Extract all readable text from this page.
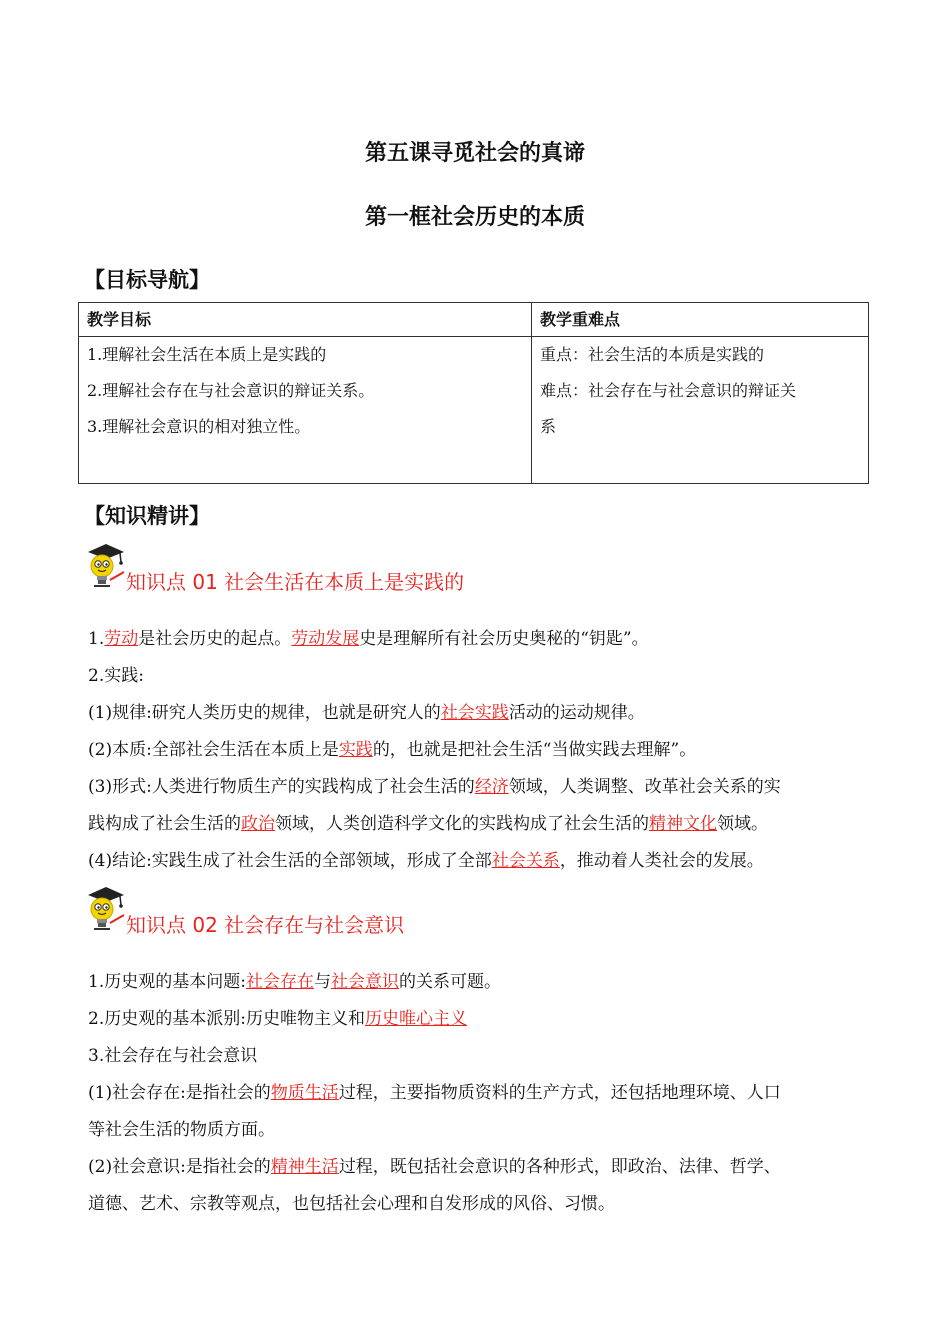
第五课寻觅社会的真谛
第一框社会历史的本质
【目标导航】
教学目标	教学重难点

1.理解社会生活在本质上是实践的
2.理解社会存在与社会意识的辩证关系。
3.理解社会意识的相对独立性。	重点：社会生活的本质是实践的
难点：社会存在与社会意识的辩证关
系
【知识精讲】
知识点 01 社会生活在本质上是实践的
1.劳动是社会历史的起点。劳动发展史是理解所有社会历史奥秘的“钥匙”。
2.实践:
(1)规律:研究人类历史的规律，也就是研究人的社会实践活动的运动规律。
(2)本质:全部社会生活在本质上是实践的，也就是把社会生活“当做实践去理解”。
(3)形式:人类进行物质生产的实践构成了社会生活的经济领域，人类调整、改革社会关系的实
践构成了社会生活的政治领域，人类创造科学文化的实践构成了社会生活的精神文化领域。
(4)结论:实践生成了社会生活的全部领域，形成了全部社会关系，推动着人类社会的发展。
知识点 02 社会存在与社会意识
1.历史观的基本问题:社会存在与社会意识的关系可题。
2.历史观的基本派别:历史唯物主义和历史唯心主义
3.社会存在与社会意识
(1)社会存在:是指社会的物质生活过程，主要指物质资料的生产方式，还包括地理环境、人口
等社会生活的物质方面。
(2)社会意识:是指社会的精神生活过程，既包括社会意识的各种形式，即政治、法律、哲学、
道德、艺术、宗教等观点，也包括社会心理和自发形成的风俗、习惯。
